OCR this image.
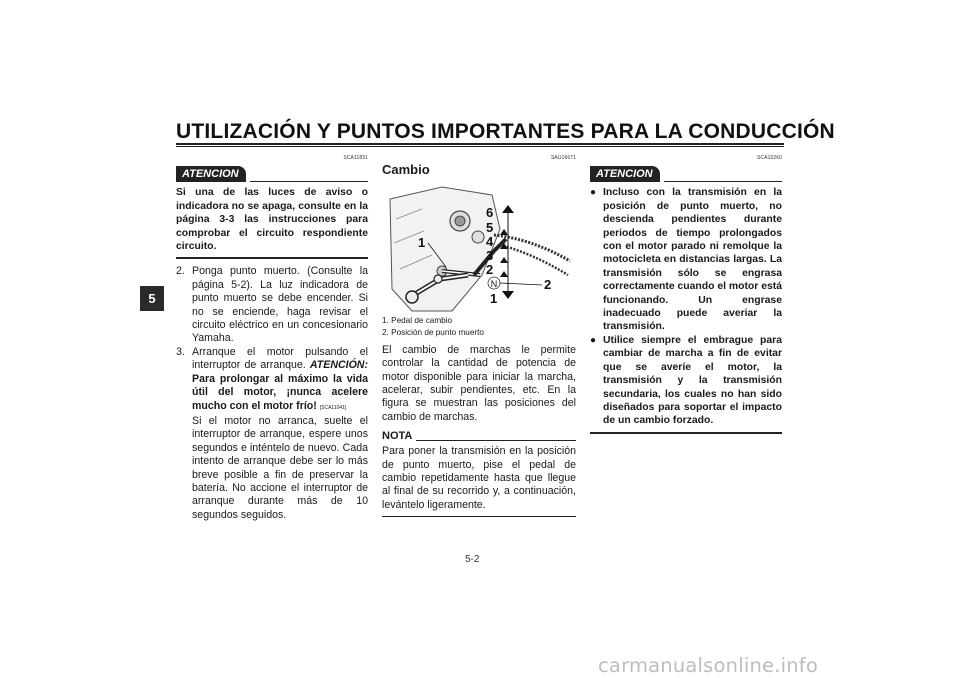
UTILIZACIÓN Y PUNTOS IMPORTANTES PARA LA CONDUCCIÓN
5
SCA11831
ATENCION
Si una de las luces de aviso o indicadora no se apaga, consulte en la página 3-3 las instrucciones para comprobar el circuito respondiente circuito.
2. Ponga punto muerto. (Consulte la página 5-2). La luz indicadora de punto muerto se debe encender. Si no se enciende, haga revisar el circuito eléctrico en un concesionario Yamaha.
3. Arranque el motor pulsando el interruptor de arranque. ATENCIÓN: Para prolongar al máximo la vida útil del motor, ¡nunca acelere mucho con el motor frío! [SCA11041]
Si el motor no arranca, suelte el interruptor de arranque, espere unos segundos e inténtelo de nuevo. Cada intento de arranque debe ser lo más breve posible a fin de preservar la batería. No accione el interruptor de arranque durante más de 10 segundos seguidos.
SAU16671
Cambio
N
6
5
4
3
2
1
1
2
1. Pedal de cambio
2. Posición de punto muerto
El cambio de marchas le permite controlar la cantidad de potencia de motor disponible para iniciar la marcha, acelerar, subir pendientes, etc. En la figura se muestran las posiciones del cambio de marchas.
NOTA
Para poner la transmisión en la posición de punto muerto, pise el pedal de cambio repetidamente hasta que llegue al final de su recorrido y, a continuación, levántelo ligeramente.
SCA10260
ATENCION
● Incluso con la transmisión en la posición de punto muerto, no descienda pendientes durante periodos de tiempo prolongados con el motor parado ni remolque la motocicleta en distancias largas. La transmisión sólo se engrasa correctamente cuando el motor está funcionando. Un engrase inadecuado puede averiar la transmisión.
● Utilice siempre el embrague para cambiar de marcha a fin de evitar que se averíe el motor, la transmisión y la transmisión secundaria, los cuales no han sido diseñados para soportar el impacto de un cambio forzado.
5-2
carmanualsonline.info
